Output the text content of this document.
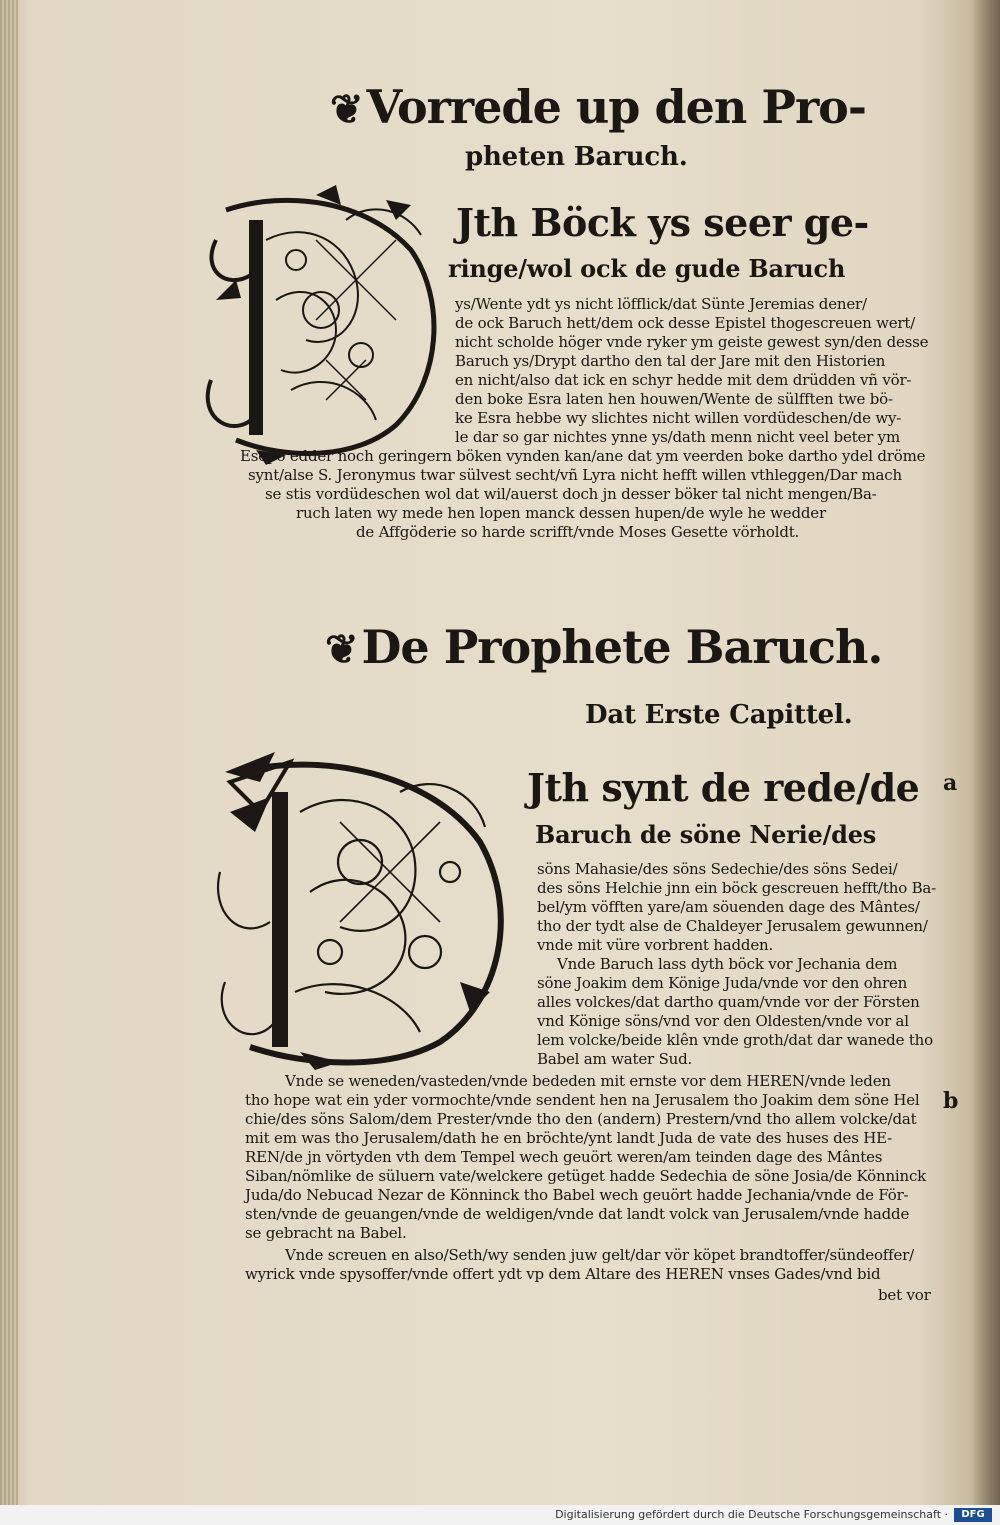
❦Vorrede up den Pro-
pheten Baruch.
Jth Böck ys seer ge-
ringe/wol ock de gude Baruch
ys/Wente ydt ys nicht löfflick/dat Sünte Jeremias dener/
de ock Baruch hett/dem ock desse Epistel thogescreuen wert/
nicht scholde höger vnde ryker ym geiste gewest syn/den desse
Baruch ys/Drypt dartho den tal der Jare mit den Historien
en nicht/also dat ick en schyr hedde mit dem drüdden vñ vör-
den boke Esra laten hen houwen/Wente de sülfften twe bö-
ke Esra hebbe wy slichtes nicht willen vordüdeschen/de wy-
le dar so gar nichtes ynne ys/dath menn nicht veel beter ym
Esopo edder noch geringern böken vynden kan/ane dat ym veerden boke dartho ydel dröme
synt/alse S. Jeronymus twar sülvest secht/vñ Lyra nicht hefft willen vthleggen/Dar mach
se stis vordüdeschen wol dat wil/auerst doch jn desser böker tal nicht mengen/Ba-
ruch laten wy mede hen lopen manck dessen hupen/de wyle he wedder
de Affgöderie so harde scrifft/vnde Moses Gesette vörholdt.
❦De Prophete Baruch.
Dat Erste Capittel.
a
b
Jth synt de rede/de
Baruch de söne Nerie/des
söns Mahasie/des söns Sedechie/des söns Sedei/
des söns Helchie jnn ein böck gescreuen hefft/tho Ba-
bel/ym vöfften yare/am söuenden dage des Mântes/
tho der tydt alse de Chaldeyer Jerusalem gewunnen/
vnde mit vüre vorbrent hadden.
Vnde Baruch lass dyth böck vor Jechania dem
söne Joakim dem Könige Juda/vnde vor den ohren
alles volckes/dat dartho quam/vnde vor der Försten
vnd Könige söns/vnd vor den Oldesten/vnde vor al
lem volcke/beide klên vnde groth/dat dar wanede tho
Babel am water Sud.
Vnde se weneden/vasteden/vnde bededen mit ernste vor dem HEREN/vnde leden
tho hope wat ein yder vormochte/vnde sendent hen na Jerusalem tho Joakim dem söne Hel
chie/des söns Salom/dem Prester/vnde tho den (andern) Prestern/vnd tho allem volcke/dat
mit em was tho Jerusalem/dath he en bröchte/ynt landt Juda de vate des huses des HE-
REN/de jn vörtyden vth dem Tempel wech geuört weren/am teinden dage des Mântes
Siban/nömlike de süluern vate/welckere getüget hadde Sedechia de söne Josia/de Könninck
Juda/do Nebucad Nezar de Könninck tho Babel wech geuört hadde Jechania/vnde de För-
sten/vnde de geuangen/vnde de weldigen/vnde dat landt volck van Jerusalem/vnde hadde
se gebracht na Babel.
Vnde screuen en also/Seth/wy senden juw gelt/dar vör köpet brandtoffer/sündeoffer/
wyrick vnde spysoffer/vnde offert ydt vp dem Altare des HEREN vnses Gades/vnd bid
bet vor
Digitalisierung gefördert durch die Deutsche Forschungsgemeinschaft ·	DFG
